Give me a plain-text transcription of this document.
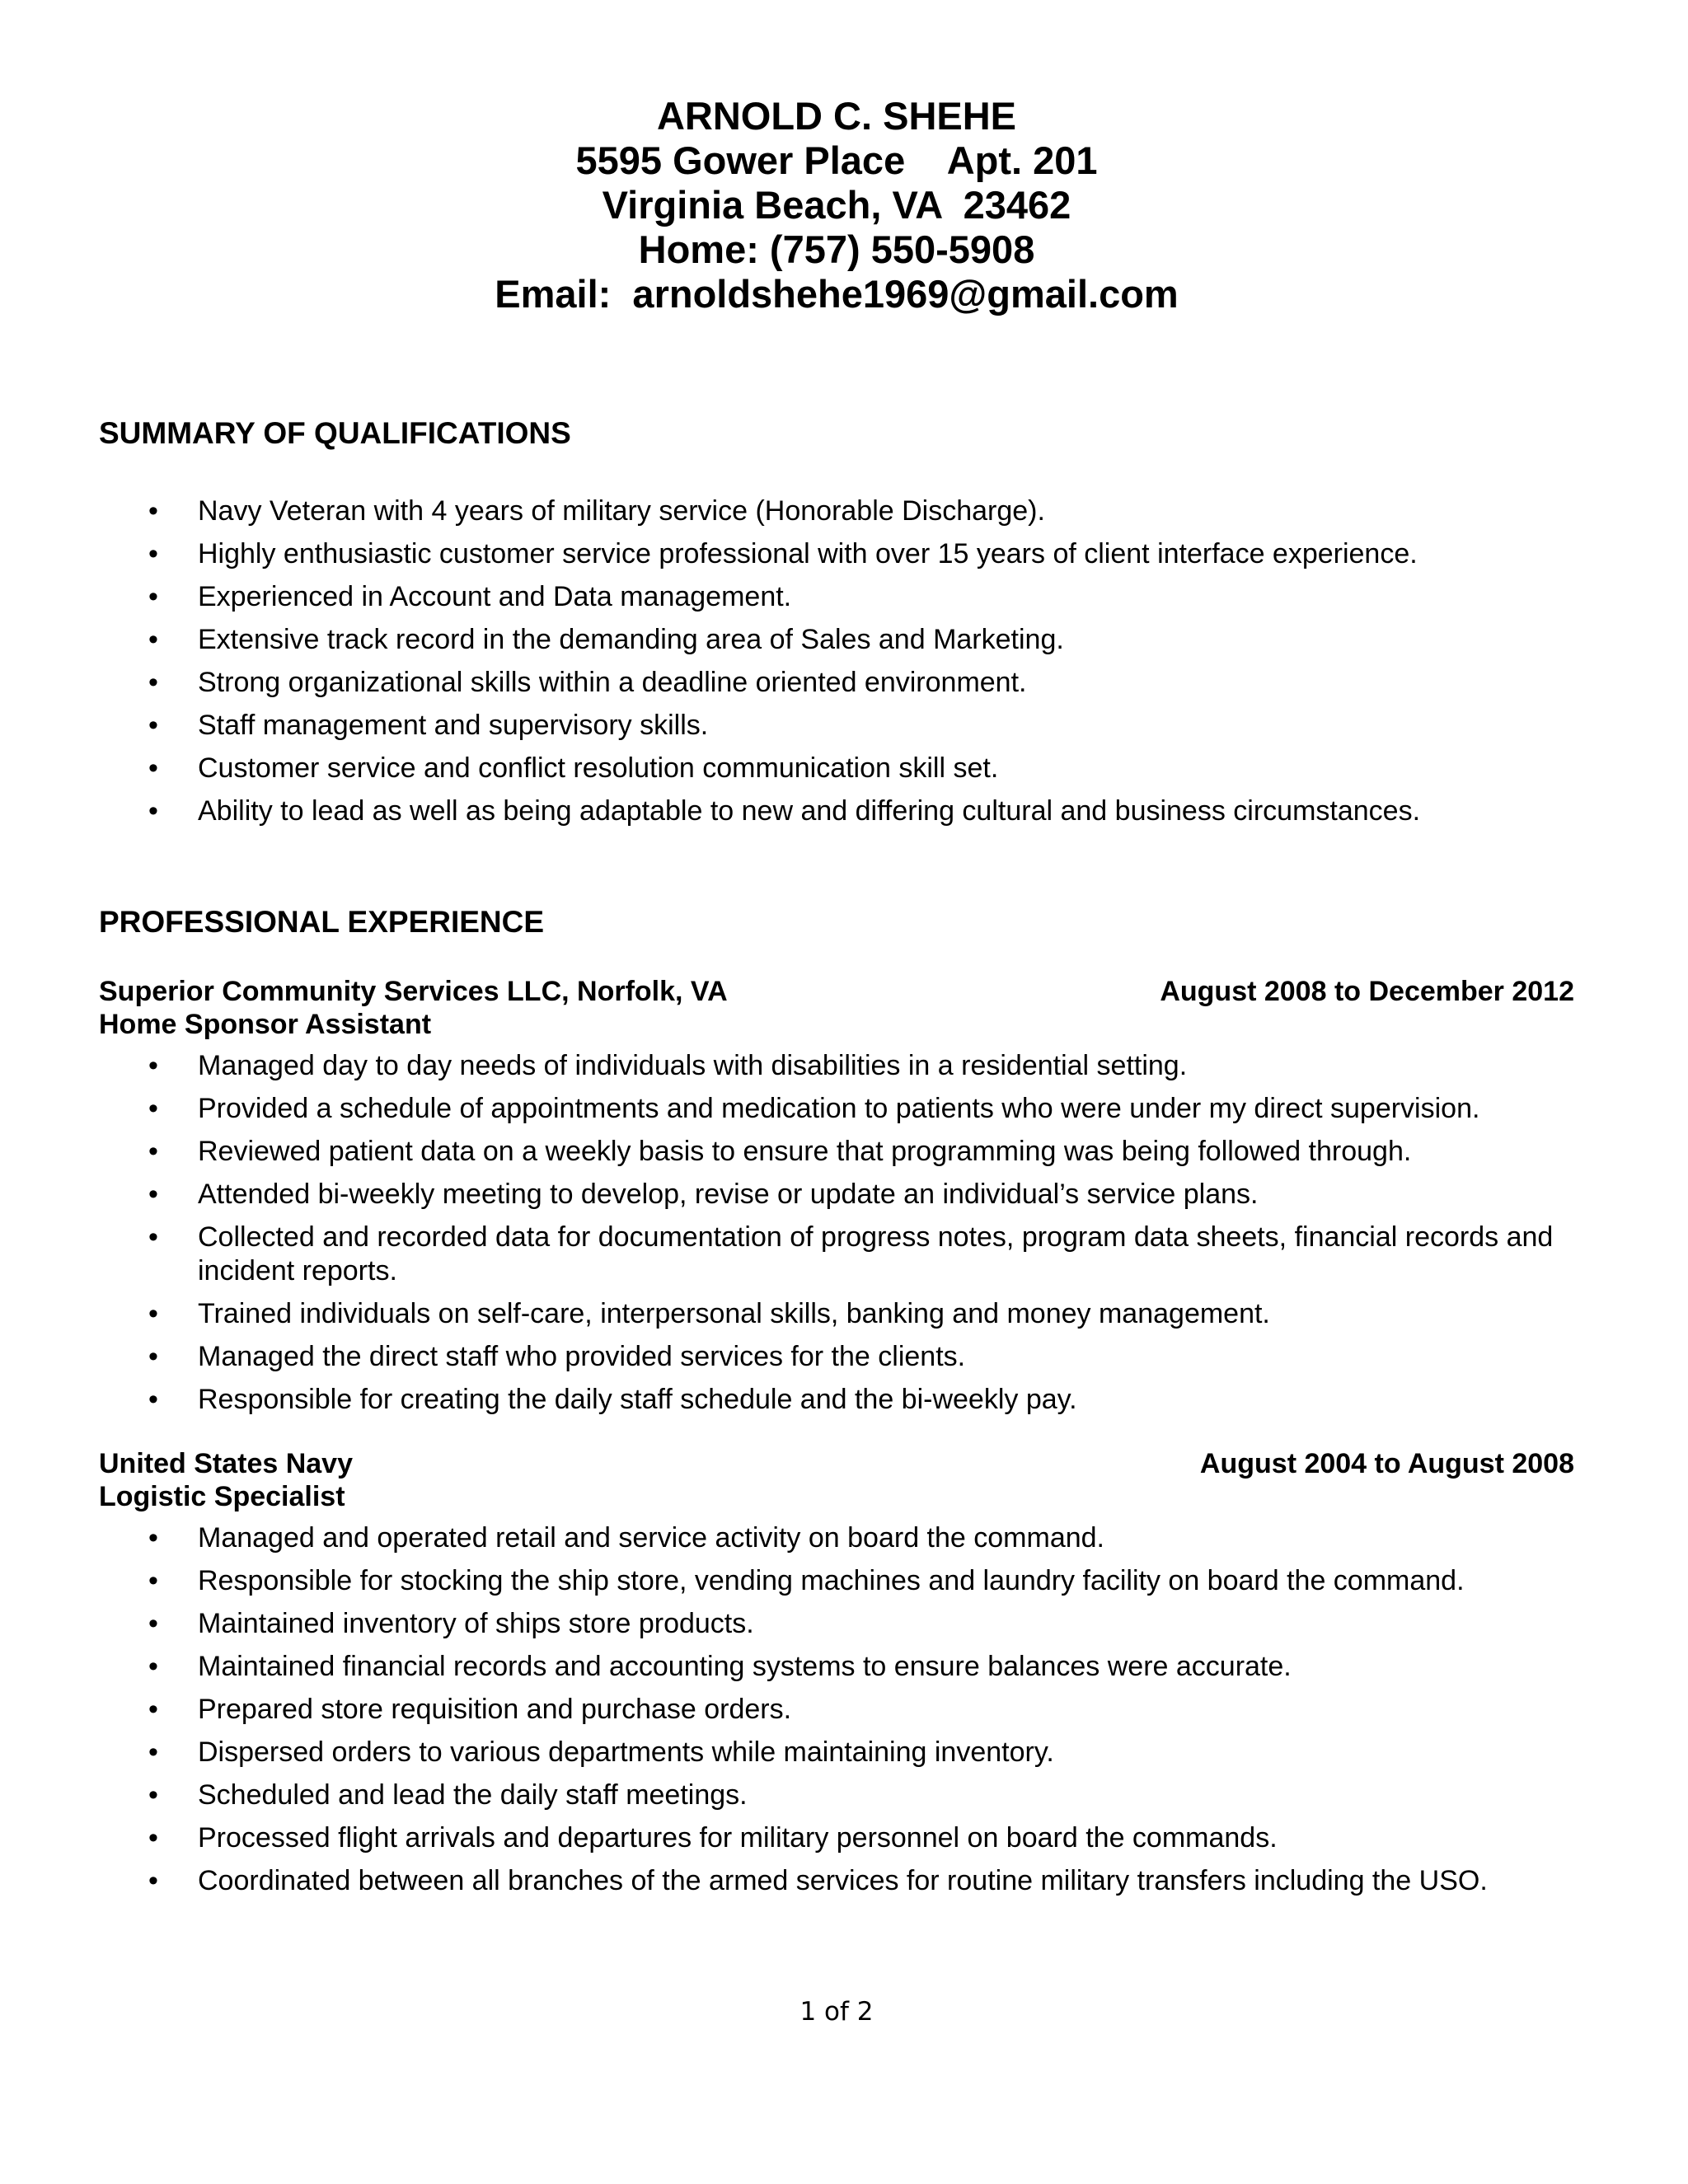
ARNOLD C. SHEHE
5595 Gower Place    Apt. 201
Virginia Beach, VA  23462
Home: (757) 550-5908
Email:  arnoldshehe1969@gmail.com
SUMMARY OF QUALIFICATIONS
• Navy Veteran with 4 years of military service (Honorable Discharge).
• Highly enthusiastic customer service professional with over 15 years of client interface experience.
• Experienced in Account and Data management.
• Extensive track record in the demanding area of Sales and Marketing.
• Strong organizational skills within a deadline oriented environment.
• Staff management and supervisory skills.
• Customer service and conflict resolution communication skill set.
• Ability to lead as well as being adaptable to new and differing cultural and business circumstances.
PROFESSIONAL EXPERIENCE
Superior Community Services LLC, Norfolk, VA	August 2008 to December 2012
Home Sponsor Assistant
• Managed day to day needs of individuals with disabilities in a residential setting.
• Provided a schedule of appointments and medication to patients who were under my direct supervision.
• Reviewed patient data on a weekly basis to ensure that programming was being followed through.
• Attended bi-weekly meeting to develop, revise or update an individual’s service plans.
• Collected and recorded data for documentation of progress notes, program data sheets, financial records and incident reports.
• Trained individuals on self-care, interpersonal skills, banking and money management.
• Managed the direct staff who provided services for the clients.
• Responsible for creating the daily staff schedule and the bi-weekly pay.
United States Navy	August 2004 to August 2008
Logistic Specialist
• Managed and operated retail and service activity on board the command.
• Responsible for stocking the ship store, vending machines and laundry facility on board the command.
• Maintained inventory of ships store products.
• Maintained financial records and accounting systems to ensure balances were accurate.
• Prepared store requisition and purchase orders.
• Dispersed orders to various departments while maintaining inventory.
• Scheduled and lead the daily staff meetings.
• Processed flight arrivals and departures for military personnel on board the commands.
• Coordinated between all branches of the armed services for routine military transfers including the USO.
1 of 2
